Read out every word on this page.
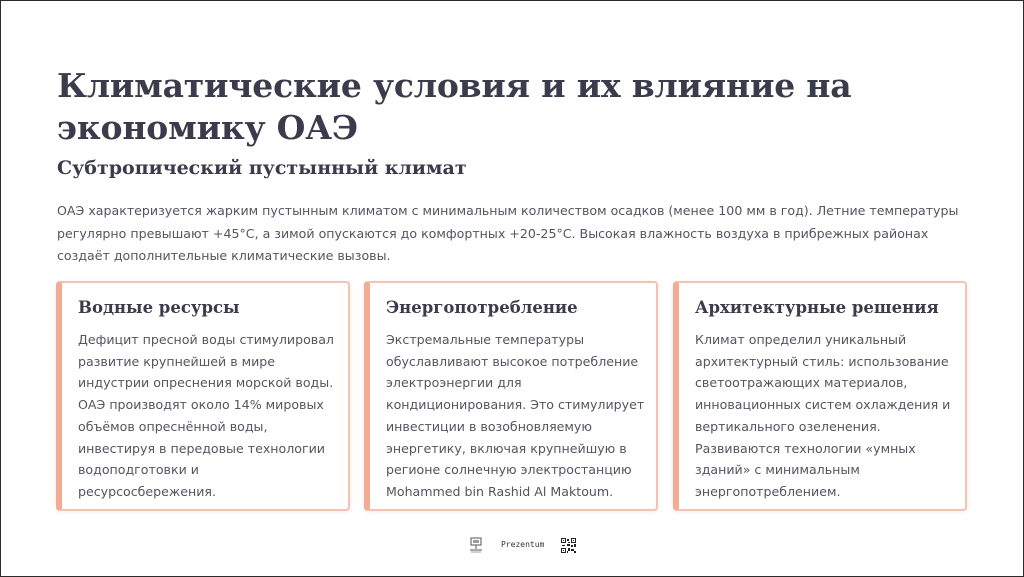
Климатические условия и их влияние на экономику ОАЭ
Субтропический пустынный климат

ОАЭ характеризуется жарким пустынным климатом с минимальным количеством осадков (менее 100 мм в год). Летние температуры регулярно превышают +45°C, а зимой опускаются до комфортных +20-25°C. Высокая влажность воздуха в прибрежных районах создаёт дополнительные климатические вызовы.

Водные ресурсы

Дефицит пресной воды стимулировал развитие крупнейшей в мире индустрии опреснения морской воды. ОАЭ производят около 14% мировых объёмов опреснённой воды, инвестируя в передовые технологии водоподготовки и ресурсосбережения.

Энергопотребление

Экстремальные температуры обуславливают высокое потребление электроэнергии для кондиционирования. Это стимулирует инвестиции в возобновляемую энергетику, включая крупнейшую в регионе солнечную электростанцию Mohammed bin Rashid Al Maktoum.

Архитектурные решения

Климат определил уникальный архитектурный стиль: использование светоотражающих материалов, инновационных систем охлаждения и вертикального озеленения. Развиваются технологии «умных зданий» с минимальным энергопотреблением.

Prezentum
